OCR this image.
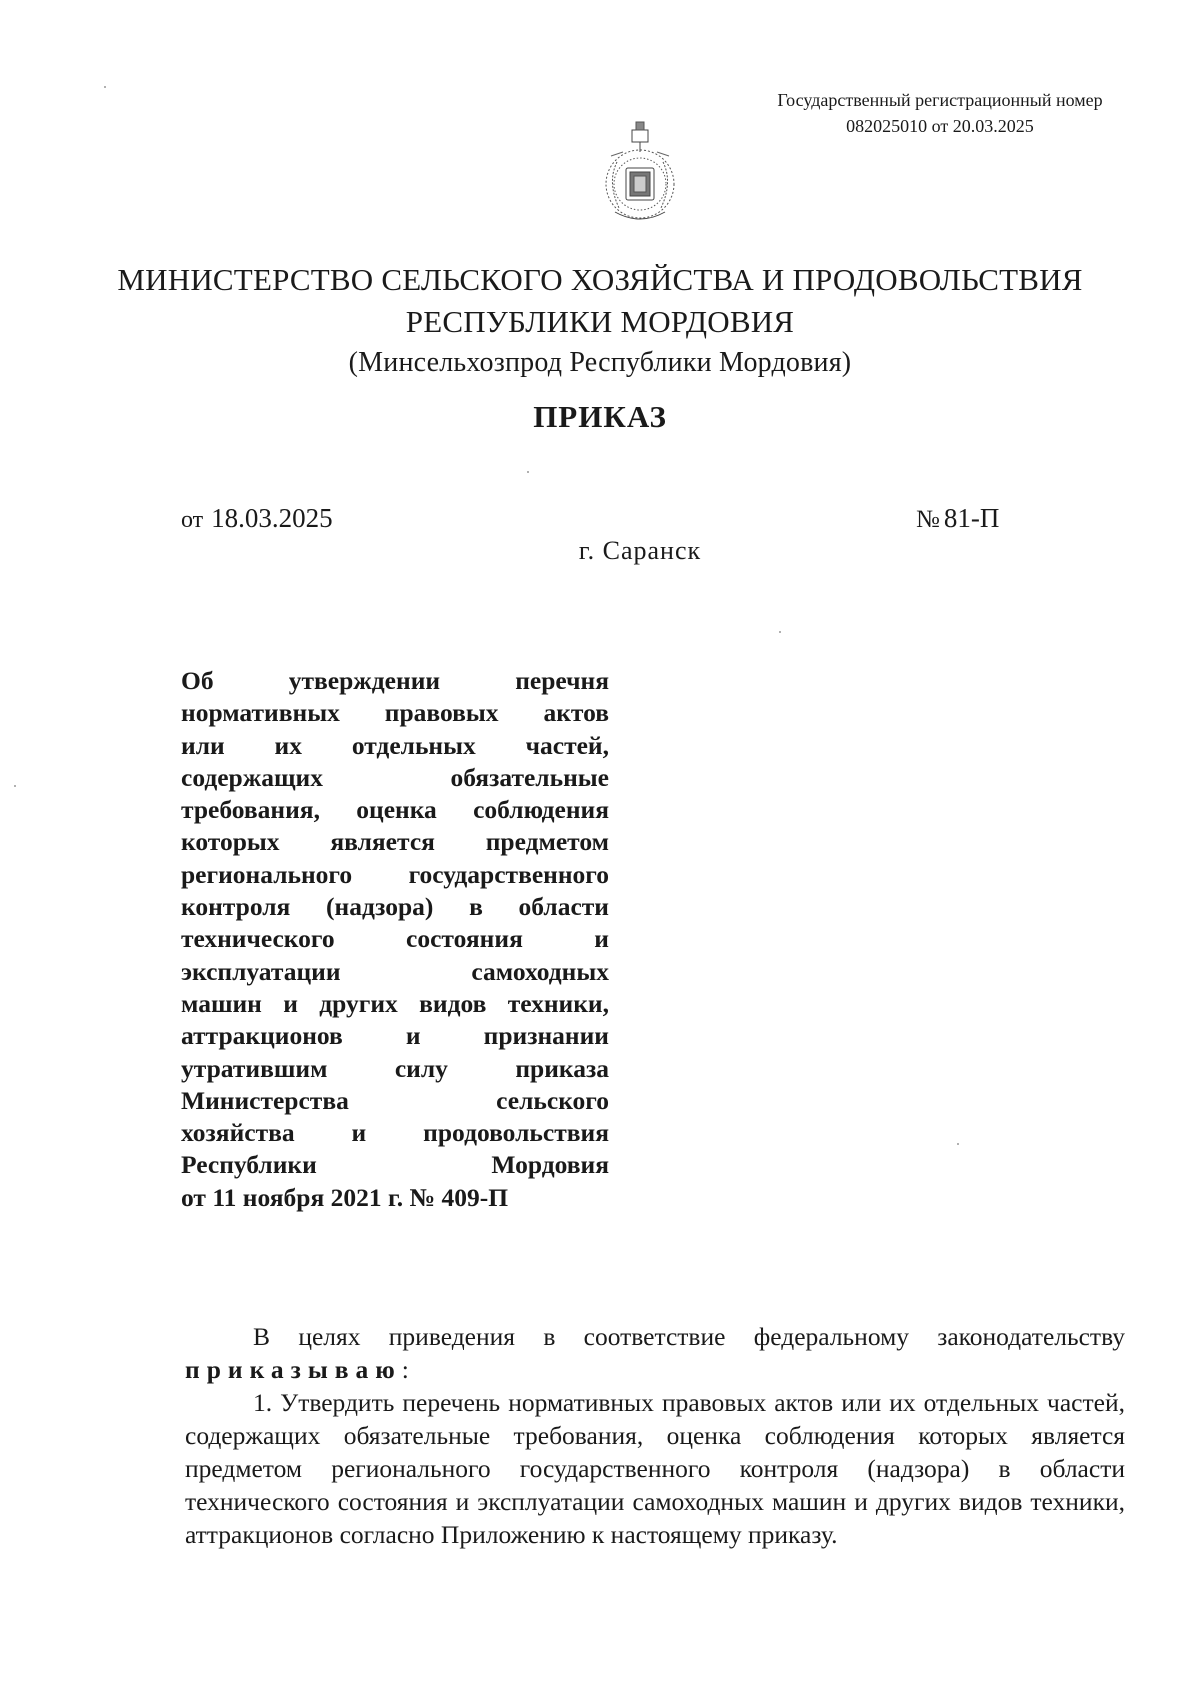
Государственный регистрационный номер
082025010 от 20.03.2025
МИНИСТЕРСТВО СЕЛЬСКОГО ХОЗЯЙСТВА И ПРОДОВОЛЬСТВИЯ
РЕСПУБЛИКИ МОРДОВИЯ
(Минсельхозпрод Республики Мордовия)
ПРИКАЗ
от 18.03.2025	№ 81-П
г. Саранск
Об утверждении перечня
нормативных правовых актов
или их отдельных частей,
содержащих обязательные
требования, оценка соблюдения
которых является предметом
регионального государственного
контроля (надзора) в области
технического состояния и
эксплуатации самоходных
машин и других видов техники,
аттракционов и признании
утратившим силу приказа
Министерства сельского
хозяйства и продовольствия
Республики Мордовия
от 11 ноября 2021 г. № 409-П
В целях приведения в соответствие федеральному законодательству
приказываю:
1. Утвердить перечень нормативных правовых актов или их отдельных частей, содержащих обязательные требования, оценка соблюдения которых является предметом регионального государственного контроля (надзора) в области технического состояния и эксплуатации самоходных машин и других видов техники, аттракционов согласно Приложению к настоящему приказу.
